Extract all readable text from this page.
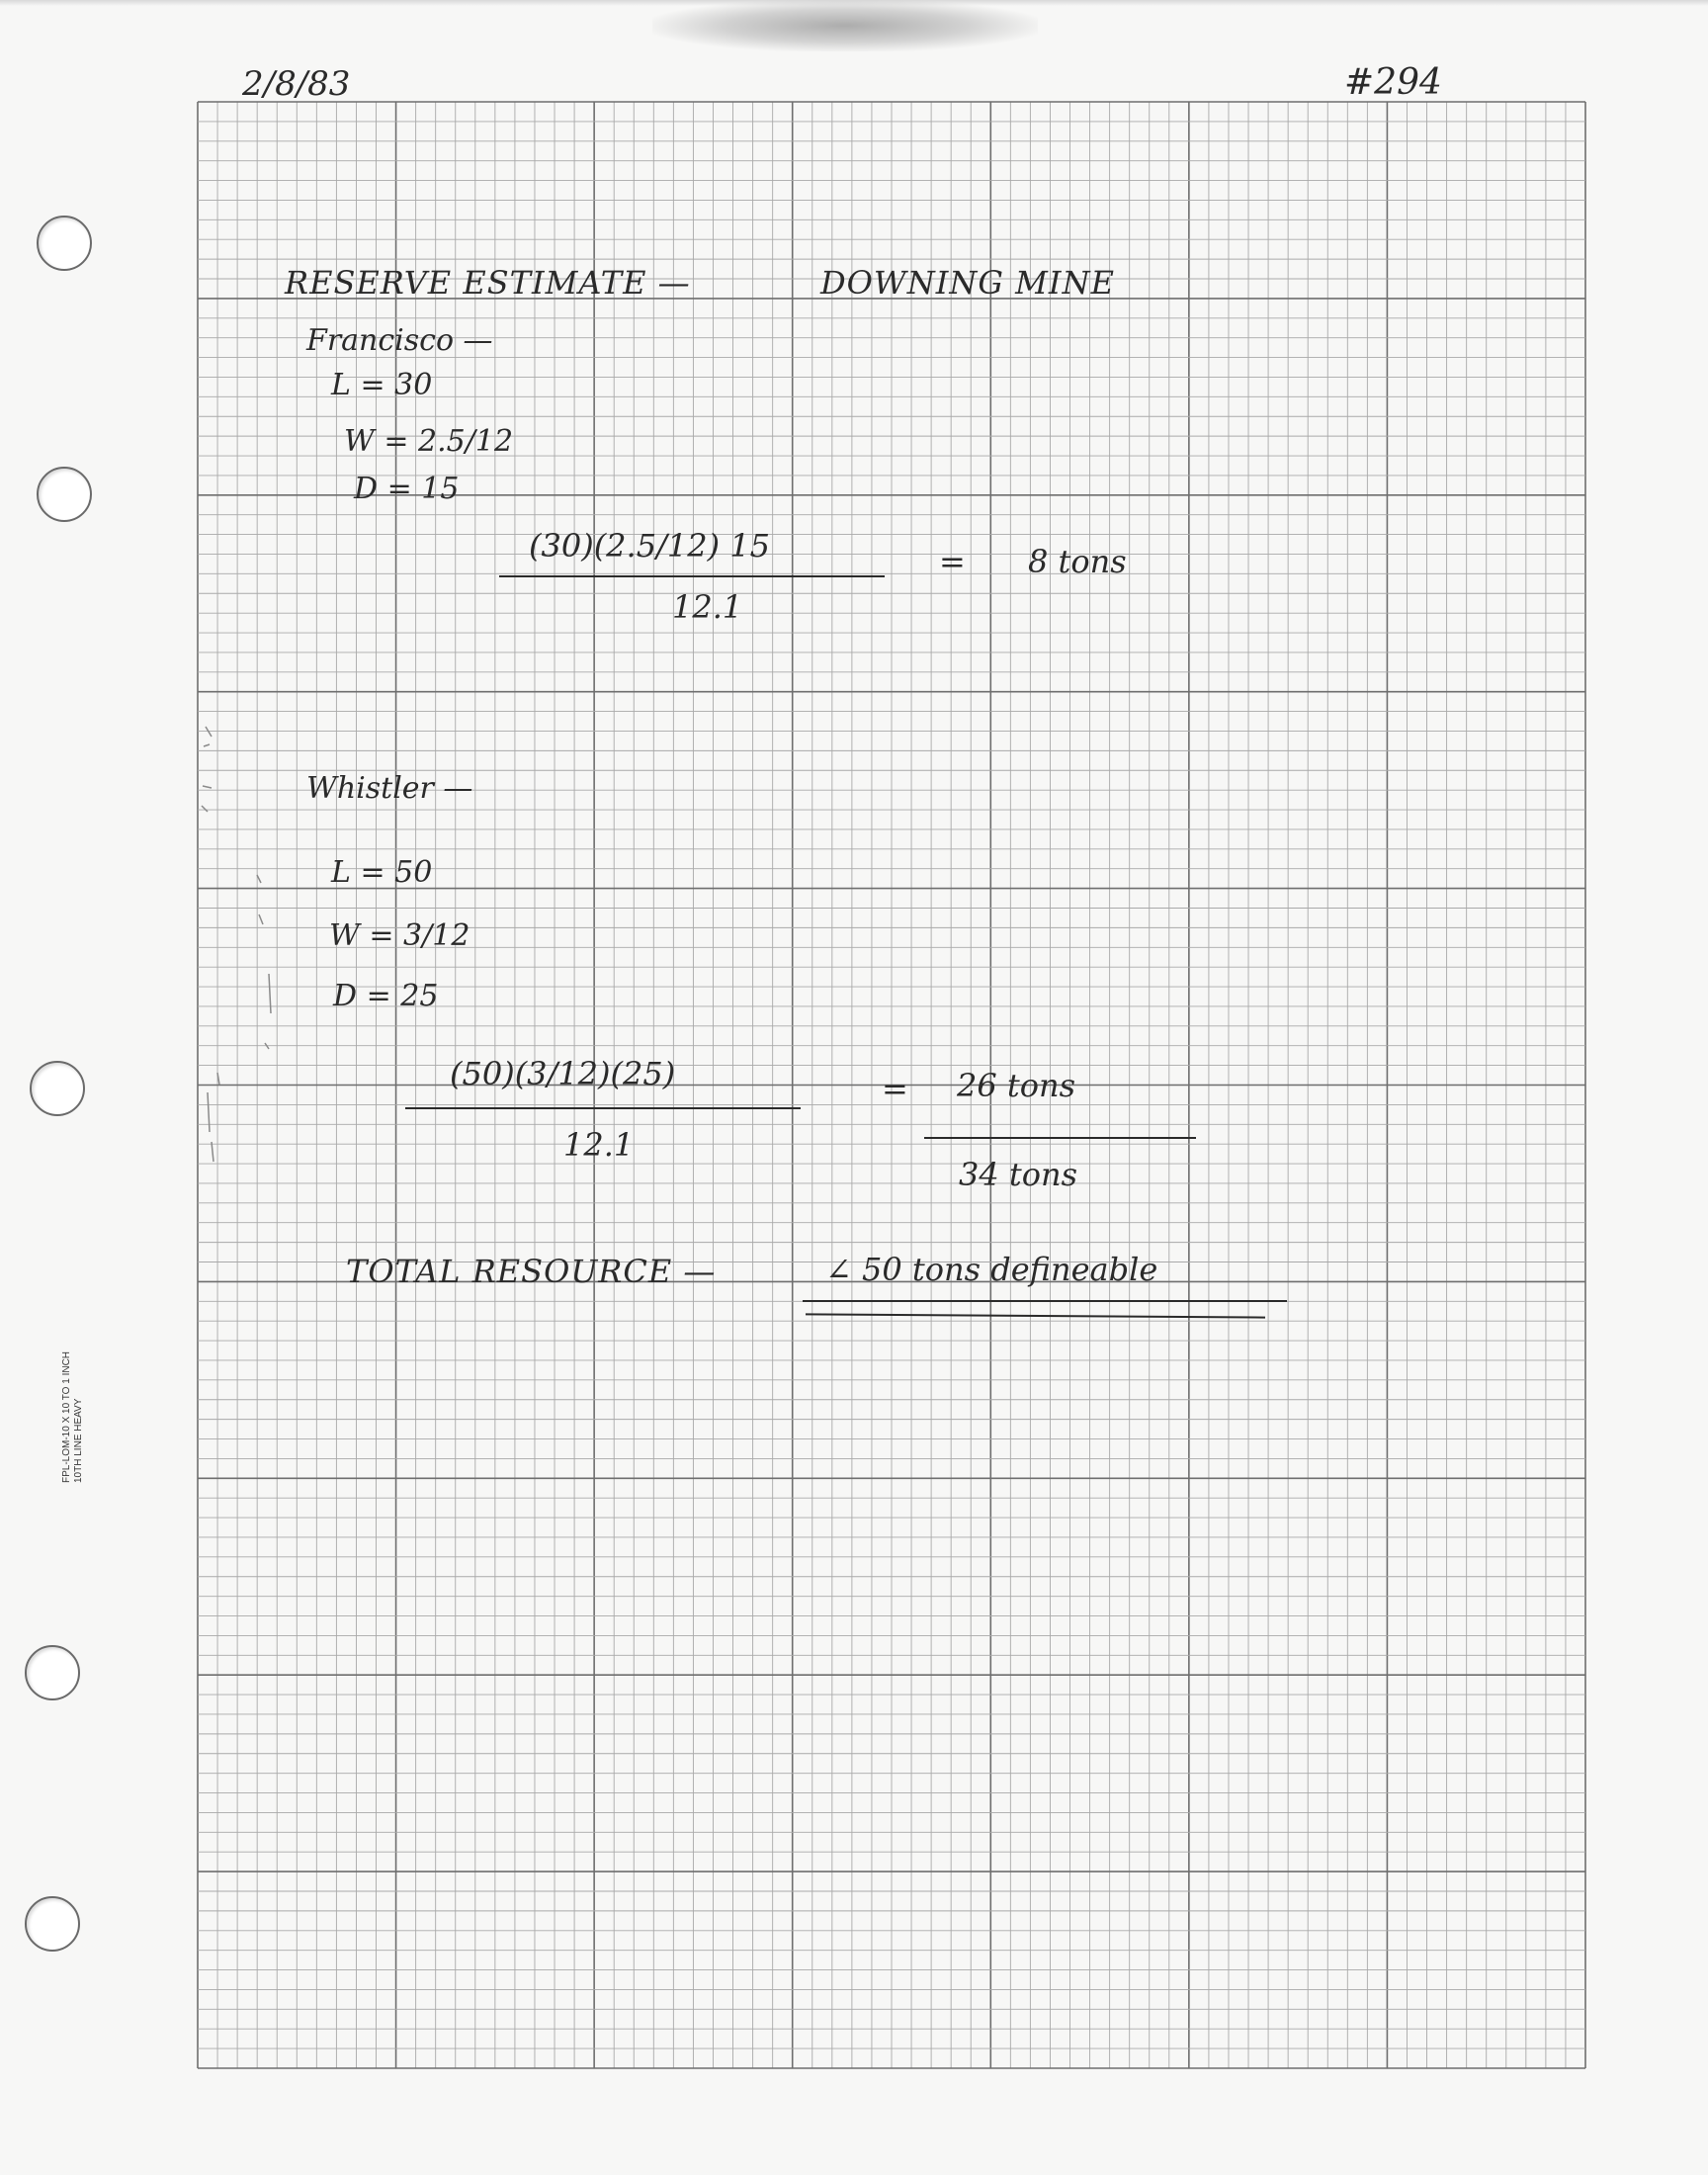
FPL-LOM-10 X 10 TO 1 INCH 10TH LINE HEAVY
2/8/83	#294
RESERVE ESTIMATE —	DOWNING MINE
Francisco —
L = 30
W = 2.5/12
D = 15
(30)(2.5/12) 15
12.1
= 8 tons
Whistler —
L = 50
W = 3/12
D = 25
(50)(3/12)(25)
12.1
= 26 tons
34 tons
TOTAL RESOURCE —	∠ 50 tons defineable
